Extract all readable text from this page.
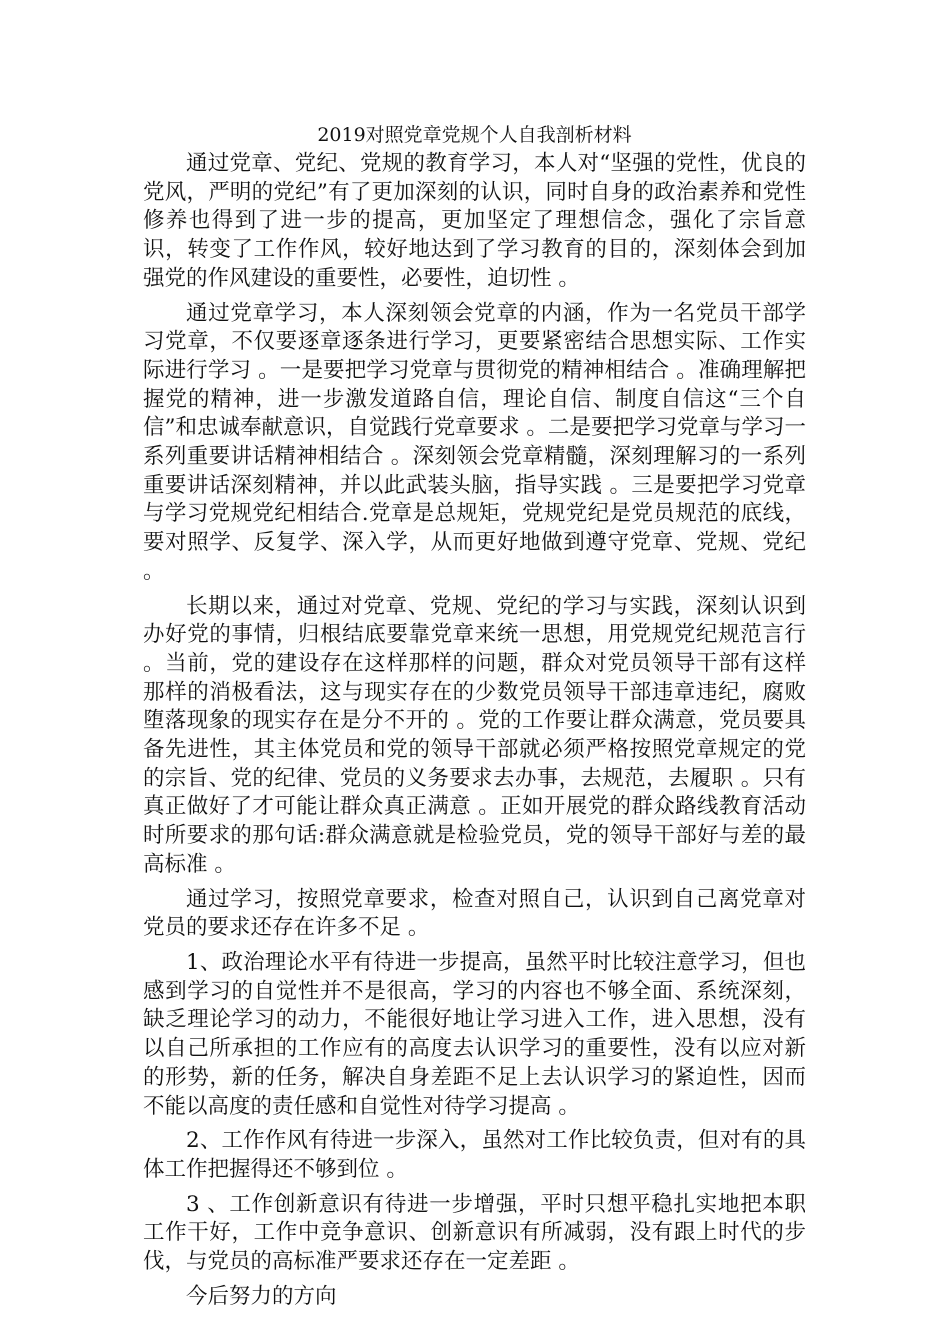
2019对照党章党规个人自我剖析材料

通过党章、党纪、党规的教育学习，本人对“坚强的党性，优良的党风，严明的党纪”有了更加深刻的认识，同时自身的政治素养和党性修养也得到了进一步的提高，更加坚定了理想信念，强化了宗旨意识，转变了工作作风，较好地达到了学习教育的目的，深刻体会到加强党的作风建设的重要性，必要性，迫切性 。

通过党章学习，本人深刻领会党章的内涵，作为一名党员干部学习党章，不仅要逐章逐条进行学习，更要紧密结合思想实际、工作实际进行学习 。一是要把学习党章与贯彻党的精神相结合 。准确理解把握党的精神，进一步激发道路自信，理论自信、制度自信这“三个自信”和忠诚奉献意识，自觉践行党章要求 。二是要把学习党章与学习一系列重要讲话精神相结合 。深刻领会党章精髓，深刻理解习的一系列重要讲话深刻精神，并以此武装头脑，指导实践 。三是要把学习党章与学习党规党纪相结合.党章是总规矩，党规党纪是党员规范的底线，要对照学、反复学、深入学，从而更好地做到遵守党章、党规、党纪 。

长期以来，通过对党章、党规、党纪的学习与实践，深刻认识到办好党的事情，归根结底要靠党章来统一思想，用党规党纪规范言行 。当前，党的建设存在这样那样的问题，群众对党员领导干部有这样那样的消极看法，这与现实存在的少数党员领导干部违章违纪，腐败堕落现象的现实存在是分不开的 。党的工作要让群众满意，党员要具备先进性，其主体党员和党的领导干部就必须严格按照党章规定的党的宗旨、党的纪律、党员的义务要求去办事，去规范，去履职 。只有真正做好了才可能让群众真正满意 。正如开展党的群众路线教育活动时所要求的那句话:群众满意就是检验党员，党的领导干部好与差的最高标准 。

通过学习，按照党章要求，检查对照自己，认识到自己离党章对党员的要求还存在许多不足 。

1、政治理论水平有待进一步提高，虽然平时比较注意学习，但也感到学习的自觉性并不是很高，学习的内容也不够全面、系统深刻，缺乏理论学习的动力，不能很好地让学习进入工作，进入思想，没有以自己所承担的工作应有的高度去认识学习的重要性，没有以应对新的形势，新的任务，解决自身差距不足上去认识学习的紧迫性，因而不能以高度的责任感和自觉性对待学习提高 。

2、工作作风有待进一步深入，虽然对工作比较负责，但对有的具体工作把握得还不够到位 。

3 、工作创新意识有待进一步增强，平时只想平稳扎实地把本职工作干好，工作中竞争意识、创新意识有所减弱，没有跟上时代的步伐，与党员的高标准严要求还存在一定差距 。

今后努力的方向
